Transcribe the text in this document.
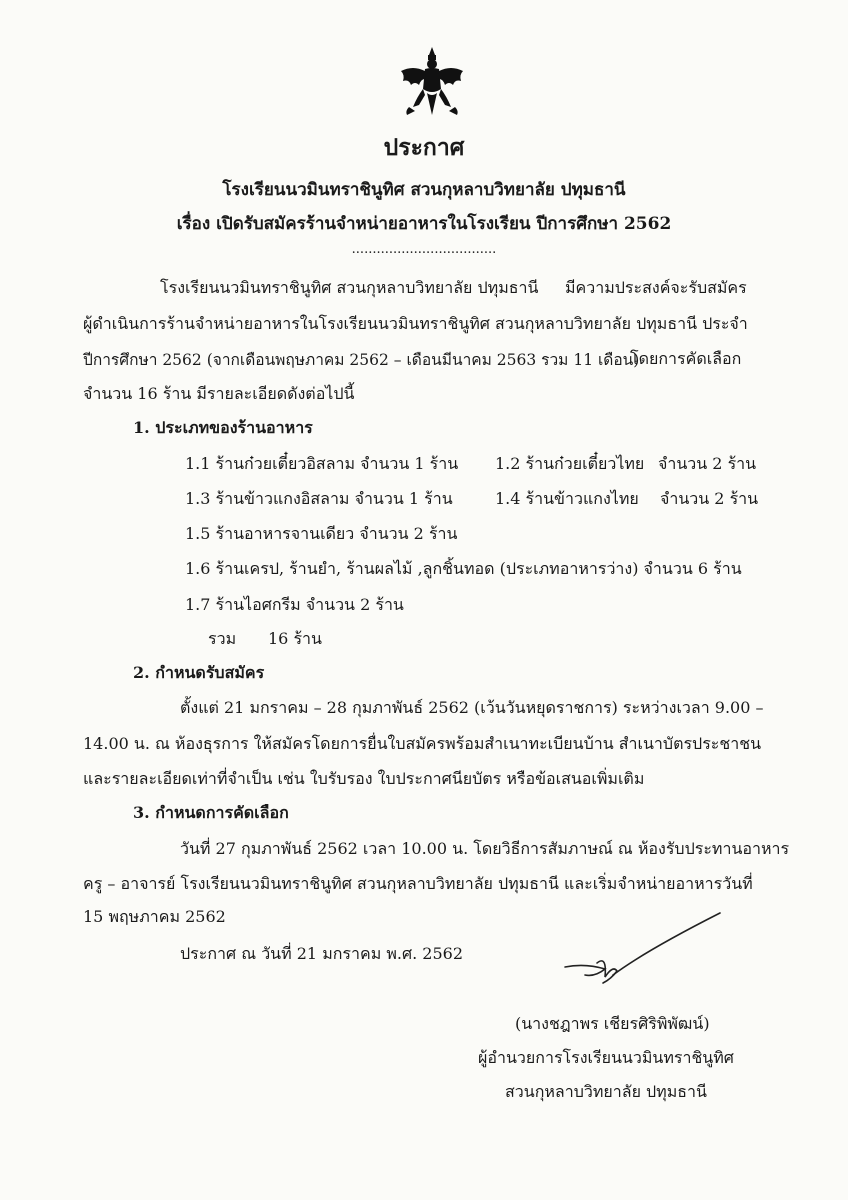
ประกาศ
โรงเรียนนวมินทราชินูทิศ สวนกุหลาบวิทยาลัย ปทุมธานี
เรื่อง เปิดรับสมัครร้านจำหน่ายอาหารในโรงเรียน ปีการศึกษา 2562
...................................
โรงเรียนนวมินทราชินูทิศ สวนกุหลาบวิทยาลัย ปทุมธานี มีความประสงค์จะรับสมัคร
ผู้ดำเนินการร้านจำหน่ายอาหารในโรงเรียนนวมินทราชินูทิศ สวนกุหลาบวิทยาลัย ปทุมธานี ประจำ
ปีการศึกษา 2562 (จากเดือนพฤษภาคม 2562 – เดือนมีนาคม 2563 รวม 11 เดือน)
โดยการคัดเลือก
จำนวน 16 ร้าน มีรายละเอียดดังต่อไปนี้
1. ประเภทของร้านอาหาร
1.1 ร้านก๋วยเตี๋ยวอิสลาม จำนวน 1 ร้าน 1.2 ร้านก๋วยเตี๋ยวไทย จำนวน 2 ร้าน
1.3 ร้านข้าวแกงอิสลาม จำนวน 1 ร้าน	1.4 ร้านข้าวแกงไทย จำนวน 2 ร้าน
1.5 ร้านอาหารจานเดียว จำนวน 2 ร้าน
1.6 ร้านเครป, ร้านยำ, ร้านผลไม้ ,ลูกชิ้นทอด (ประเภทอาหารว่าง) จำนวน 6 ร้าน
1.7 ร้านไอศกรีม จำนวน 2 ร้าน
รวม 16 ร้าน
2. กำหนดรับสมัคร
ตั้งแต่ 21 มกราคม – 28 กุมภาพันธ์ 2562 (เว้นวันหยุดราชการ) ระหว่างเวลา 9.00 –
14.00 น. ณ ห้องธุรการ ให้สมัครโดยการยื่นใบสมัครพร้อมสำเนาทะเบียนบ้าน สำเนาบัตรประชาชน
และรายละเอียดเท่าที่จำเป็น เช่น ใบรับรอง ใบประกาศนียบัตร หรือข้อเสนอเพิ่มเติม
3. กำหนดการคัดเลือก
วันที่ 27 กุมภาพันธ์ 2562 เวลา 10.00 น. โดยวิธีการสัมภาษณ์ ณ ห้องรับประทานอาหาร
ครู – อาจารย์ โรงเรียนนวมินทราชินูทิศ สวนกุหลาบวิทยาลัย ปทุมธานี และเริ่มจำหน่ายอาหารวันที่
15 พฤษภาคม 2562
ประกาศ ณ วันที่ 21 มกราคม พ.ศ. 2562
(นางชฎาพร เชียรศิริพิพัฒน์)
ผู้อำนวยการโรงเรียนนวมินทราชินูทิศ
สวนกุหลาบวิทยาลัย ปทุมธานี
